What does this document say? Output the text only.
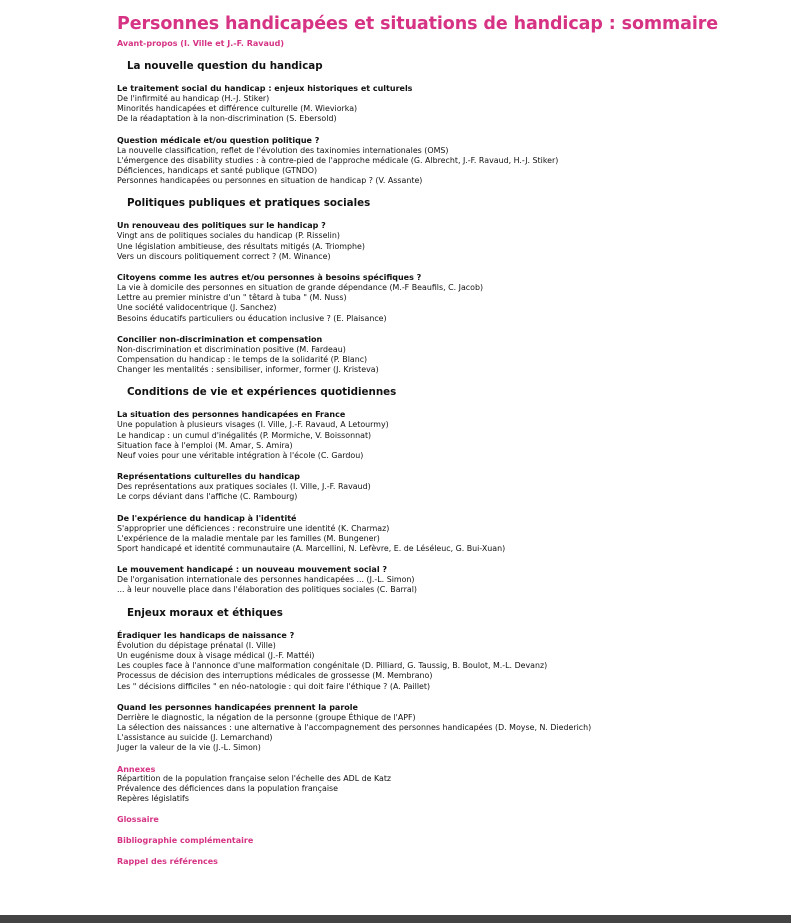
Personnes handicapées et situations de handicap : sommaire
Avant-propos (I. Ville et J.-F. Ravaud)
La nouvelle question du handicap
Le traitement social du handicap : enjeux historiques et culturels
De l'infirmité au handicap (H.-J. Stiker)
Minorités handicapées et différence culturelle (M. Wieviorka)
De la réadaptation à la non-discrimination (S. Ebersold)
Question médicale et/ou question politique ?
La nouvelle classification, reflet de l'évolution des taxinomies internationales (OMS)
L'émergence des disability studies : à contre-pied de l'approche médicale (G. Albrecht, J.-F. Ravaud, H.-J. Stiker)
Déficiences, handicaps et santé publique (GTNDO)
Personnes handicapées ou personnes en situation de handicap ? (V. Assante)
Politiques publiques et pratiques sociales
Un renouveau des politiques sur le handicap ?
Vingt ans de politiques sociales du handicap (P. Risselin)
Une législation ambitieuse, des résultats mitigés (A. Triomphe)
Vers un discours politiquement correct ? (M. Winance)
Citoyens comme les autres et/ou personnes à besoins spécifiques ?
La vie à domicile des personnes en situation de grande dépendance (M.-F Beaufils, C. Jacob)
Lettre au premier ministre d'un " têtard à tuba " (M. Nuss)
Une société validocentrique (J. Sanchez)
Besoins éducatifs particuliers ou éducation inclusive ? (E. Plaisance)
Concilier non-discrimination et compensation
Non-discrimination et discrimination positive (M. Fardeau)
Compensation du handicap : le temps de la solidarité (P. Blanc)
Changer les mentalités : sensibiliser, informer, former (J. Kristeva)
Conditions de vie et expériences quotidiennes
La situation des personnes handicapées en France
Une population à plusieurs visages (I. Ville, J.-F. Ravaud, A Letourmy)
Le handicap : un cumul d'inégalités (P. Mormiche, V. Boissonnat)
Situation face à l'emploi (M. Amar, S. Amira)
Neuf voies pour une véritable intégration à l'école (C. Gardou)
Représentations culturelles du handicap
Des représentations aux pratiques sociales (I. Ville, J.-F. Ravaud)
Le corps déviant dans l'affiche (C. Rambourg)
De l'expérience du handicap à l'identité
S'approprier une déficiences : reconstruire une identité (K. Charmaz)
L'expérience de la maladie mentale par les familles (M. Bungener)
Sport handicapé et identité communautaire (A. Marcellini, N. Lefèvre, E. de Léséleuc, G. Bui-Xuan)
Le mouvement handicapé : un nouveau mouvement social ?
De l'organisation internationale des personnes handicapées ... (J.-L. Simon)
... à leur nouvelle place dans l'élaboration des politiques sociales (C. Barral)
Enjeux moraux et éthiques
Éradiquer les handicaps de naissance ?
Évolution du dépistage prénatal (I. Ville)
Un eugénisme doux à visage médical (J.-F. Mattéi)
Les couples face à l'annonce d'une malformation congénitale (D. Pilliard, G. Taussig, B. Boulot, M.-L. Devanz)
Processus de décision des interruptions médicales de grossesse (M. Membrano)
Les " décisions difficiles " en néo-natologie : qui doit faire l'éthique ? (A. Paillet)
Quand les personnes handicapées prennent la parole
Derrière le diagnostic, la négation de la personne (groupe Éthique de l'APF)
La sélection des naissances : une alternative à l'accompagnement des personnes handicapées (D. Moyse, N. Diederich)
L'assistance au suicide (J. Lemarchand)
Juger la valeur de la vie (J.-L. Simon)
Annexes
Répartition de la population française selon l'échelle des ADL de Katz
Prévalence des déficiences dans la population française
Repères législatifs
Glossaire
Bibliographie complémentaire
Rappel des références
